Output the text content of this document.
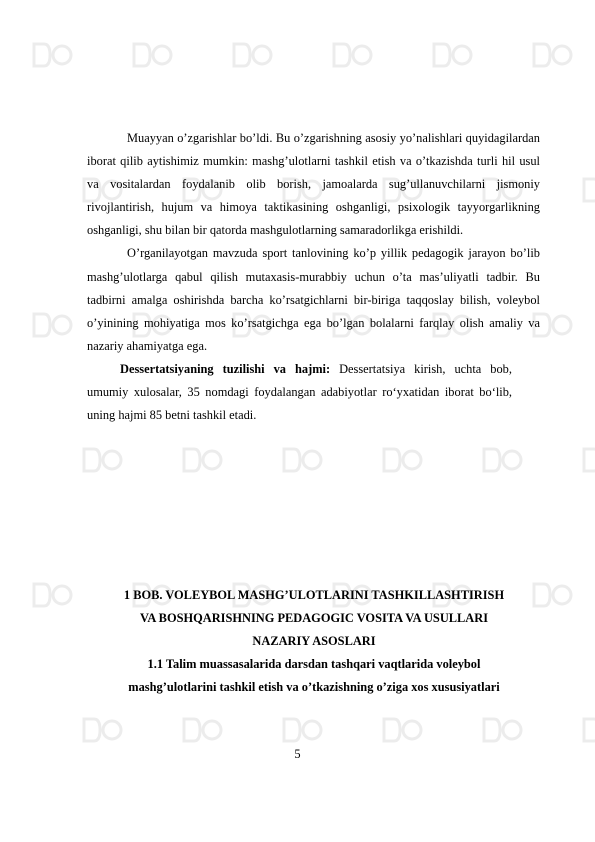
Muayyan o’zgarishlar bo’ldi. Bu o’zgarishning asosiy yo’nalishlari quyidagilardan iborat qilib aytishimiz mumkin: mashg’ulotlarni tashkil etish va o’tkazishda turli hil usul va vositalardan foydalanib olib borish, jamoalarda sug’ullanuvchilarni jismoniy rivojlantirish, hujum va himoya taktikasining oshganligi, psixologik tayyorgarlikning oshganligi, shu bilan bir qatorda mashgulotlarning samaradorlikga erishildi.

O’rganilayotgan mavzuda sport tanlovining ko’p yillik pedagogik jarayon bo’lib mashg’ulotlarga qabul qilish mutaxasis-murabbiy uchun o’ta mas’uliyatli tadbir. Bu tadbirni amalga oshirishda barcha ko’rsatgichlarni bir-biriga taqqoslay bilish, voleybol o’yinining mohiyatiga mos ko’rsatgichga ega bo’lgan bolalarni farqlay olish amaliy va nazariy ahamiyatga ega.

Dessertatsiyaning tuzilishi va hajmi: Dessertatsiya kirish, uchta bob, umumiy xulosalar, 35 nomdagi foydalangan adabiyotlar ro‘yxatidan iborat bo‘lib, uning hajmi 85 betni tashkil etadi.

1 BOB. VOLEYBOL MASHG’ULOTLARINI TASHKILLASHTIRISH
VA BOSHQARISHNING PEDAGOGIC VOSITA VA USULLARI
NAZARIY ASOSLARI
1.1 Talim muassasalarida darsdan tashqari vaqtlarida voleybol
mashg’ulotlarini tashkil etish va o’tkazishning o’ziga xos xususiyatlari
5
